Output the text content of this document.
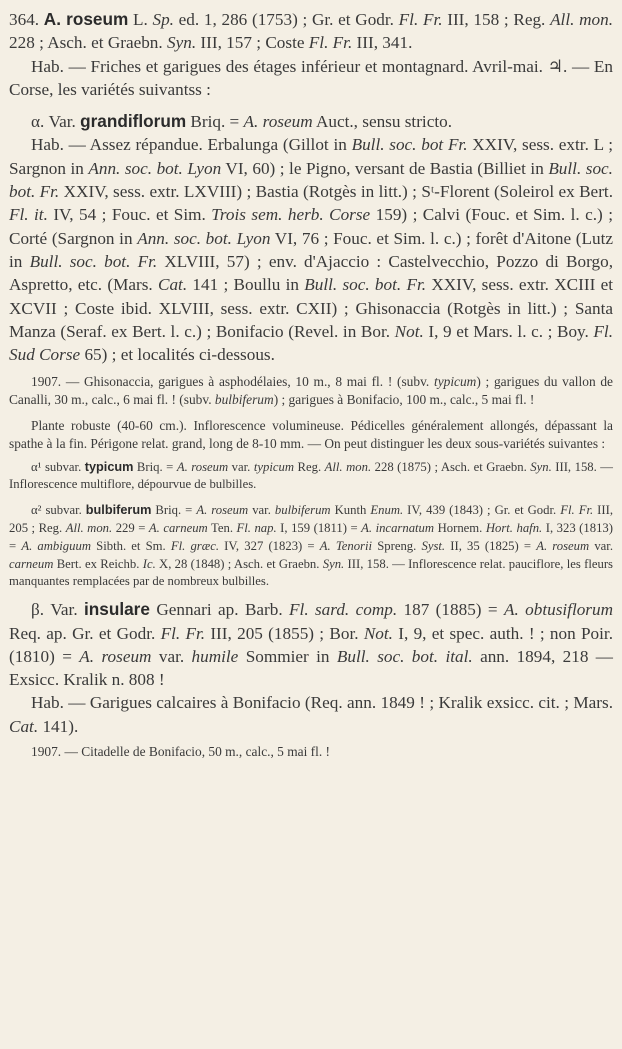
364. A. roseum L. Sp. ed. 1, 286 (1753) ; Gr. et Godr. Fl. Fr. III, 158 ; Reg. All. mon. 228 ; Asch. et Graebn. Syn. III, 157 ; Coste Fl. Fr. III, 341.

Hab. — Friches et garigues des étages inférieur et montagnard. Avril-mai. ♃. — En Corse, les variétés suivantss :

α. Var. grandiflorum Briq. = A. roseum Auct., sensu stricto.

Hab. — Assez répandue. Erbalunga (Gillot in Bull. soc. bot Fr. XXIV, sess. extr. L ; Sargnon in Ann. soc. bot. Lyon VI, 60) ; le Pigno, versant de Bastia (Billiet in Bull. soc. bot. Fr. XXIV, sess. extr. LXVIII) ; Bastia (Rotgès in litt.) ; Sᵗ-Florent (Soleirol ex Bert. Fl. it. IV, 54 ; Fouc. et Sim. Trois sem. herb. Corse 159) ; Calvi (Fouc. et Sim. l. c.) ; Corté (Sargnon in Ann. soc. bot. Lyon VI, 76 ; Fouc. et Sim. l. c.) ; forêt d'Aitone (Lutz in Bull. soc. bot. Fr. XLVIII, 57) ; env. d'Ajaccio : Castelvecchio, Pozzo di Borgo, Aspretto, etc. (Mars. Cat. 141 ; Boullu in Bull. soc. bot. Fr. XXIV, sess. extr. XCIII et XCVII ; Coste ibid. XLVIII, sess. extr. CXII) ; Ghisonaccia (Rotgès in litt.) ; Santa Manza (Seraf. ex Bert. l. c.) ; Bonifacio (Revel. in Bor. Not. I, 9 et Mars. l. c. ; Boy. Fl. Sud Corse 65) ; et localités ci-dessous.

1907. — Ghisonaccia, garigues à asphodélaies, 10 m., 8 mai fl. ! (subv. typicum) ; garigues du vallon de Canalli, 30 m., calc., 6 mai fl. ! (subv. bulbiferum) ; garigues à Bonifacio, 100 m., calc., 5 mai fl. !

Plante robuste (40-60 cm.). Inflorescence volumineuse. Pédicelles généralement allongés, dépassant la spathe à la fin. Périgone relat. grand, long de 8-10 mm. — On peut distinguer les deux sous-variétés suivantes :

α¹ subvar. typicum Briq. = A. roseum var. typicum Reg. All. mon. 228 (1875) ; Asch. et Graebn. Syn. III, 158. — Inflorescence multiflore, dépourvue de bulbilles.

α² subvar. bulbiferum Briq. = A. roseum var. bulbiferum Kunth Enum. IV, 439 (1843) ; Gr. et Godr. Fl. Fr. III, 205 ; Reg. All. mon. 229 = A. carneum Ten. Fl. nap. I, 159 (1811) = A. incarnatum Hornem. Hort. hafn. I, 323 (1813) = A. ambiguum Sibth. et Sm. Fl. græc. IV, 327 (1823) = A. Tenorii Spreng. Syst. II, 35 (1825) = A. roseum var. carneum Bert. ex Reichb. Ic. X, 28 (1848) ; Asch. et Graebn. Syn. III, 158. — Inflorescence relat. pauciflore, les fleurs manquantes remplacées par de nombreux bulbilles.

β. Var. insulare Gennari ap. Barb. Fl. sard. comp. 187 (1885) = A. obtusiflorum Req. ap. Gr. et Godr. Fl. Fr. III, 205 (1855) ; Bor. Not. I, 9, et spec. auth. ! ; non Poir. (1810) = A. roseum var. humile Sommier in Bull. soc. bot. ital. ann. 1894, 218 — Exsicc. Kralik n. 808 !

Hab. — Garigues calcaires à Bonifacio (Req. ann. 1849 ! ; Kralik exsicc. cit. ; Mars. Cat. 141).

1907. — Citadelle de Bonifacio, 50 m., calc., 5 mai fl. !
